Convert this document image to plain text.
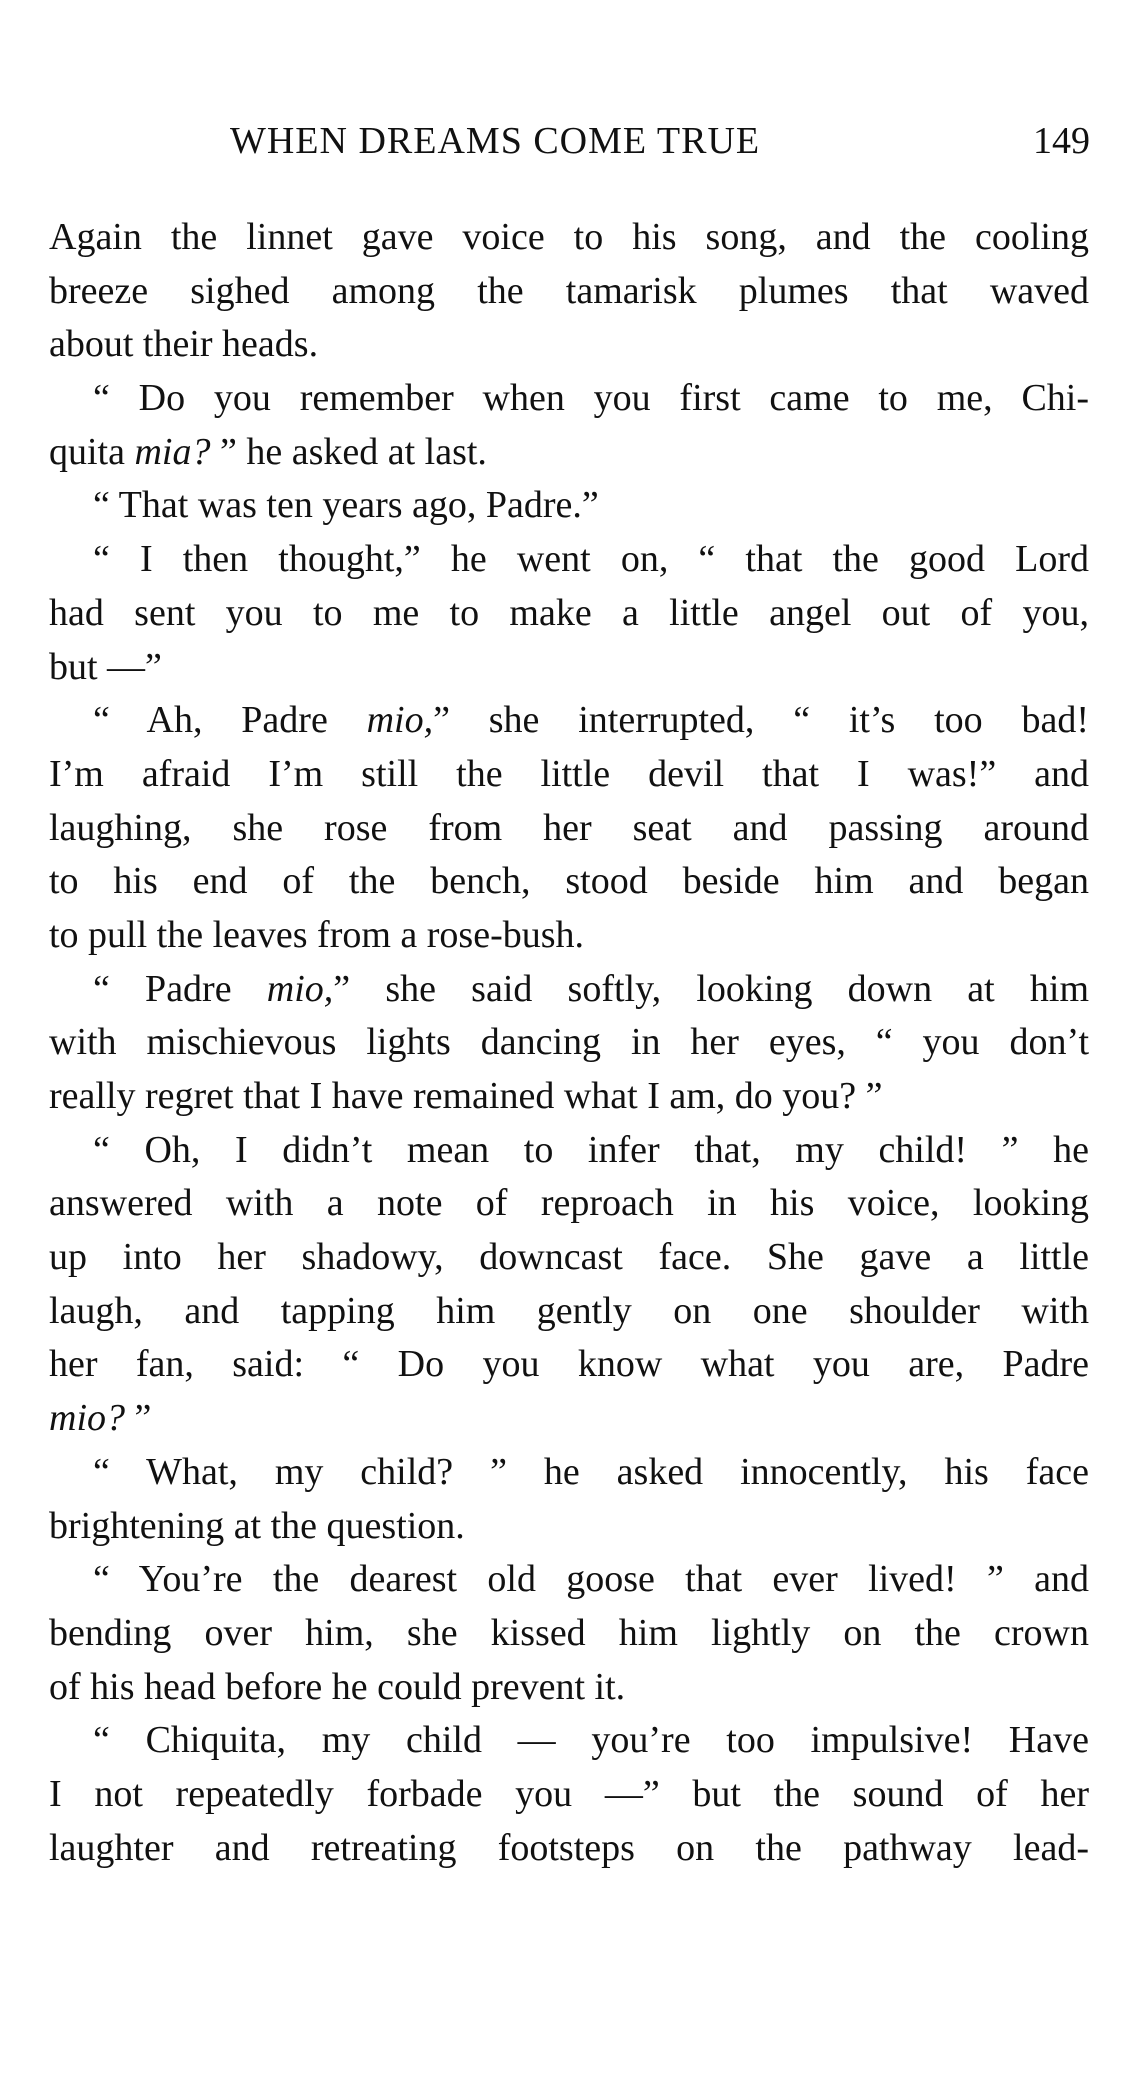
WHEN DREAMS COME TRUE	149
Again the linnet gave voice to his song, and the cooling
breeze sighed among the tamarisk plumes that waved
about their heads.
“ Do you remember when you first came to me, Chi-
quita mia? ” he asked at last.
“ That was ten years ago, Padre.”
“ I then thought,” he went on, “ that the good Lord
had sent you to me to make a little angel out of you,
but —”
“ Ah, Padre mio,” she interrupted, “ it’s too bad!
I’m afraid I’m still the little devil that I was!” and
laughing, she rose from her seat and passing around
to his end of the bench, stood beside him and began
to pull the leaves from a rose-bush.
“ Padre mio,” she said softly, looking down at him
with mischievous lights dancing in her eyes, “ you don’t
really regret that I have remained what I am, do you? ”
“ Oh, I didn’t mean to infer that, my child! ” he
answered with a note of reproach in his voice, looking
up into her shadowy, downcast face. She gave a little
laugh, and tapping him gently on one shoulder with
her fan, said: “ Do you know what you are, Padre
mio? ”
“ What, my child? ” he asked innocently, his face
brightening at the question.
“ You’re the dearest old goose that ever lived! ” and
bending over him, she kissed him lightly on the crown
of his head before he could prevent it.
“ Chiquita, my child — you’re too impulsive! Have
I not repeatedly forbade you —” but the sound of her
laughter and retreating footsteps on the pathway lead-
